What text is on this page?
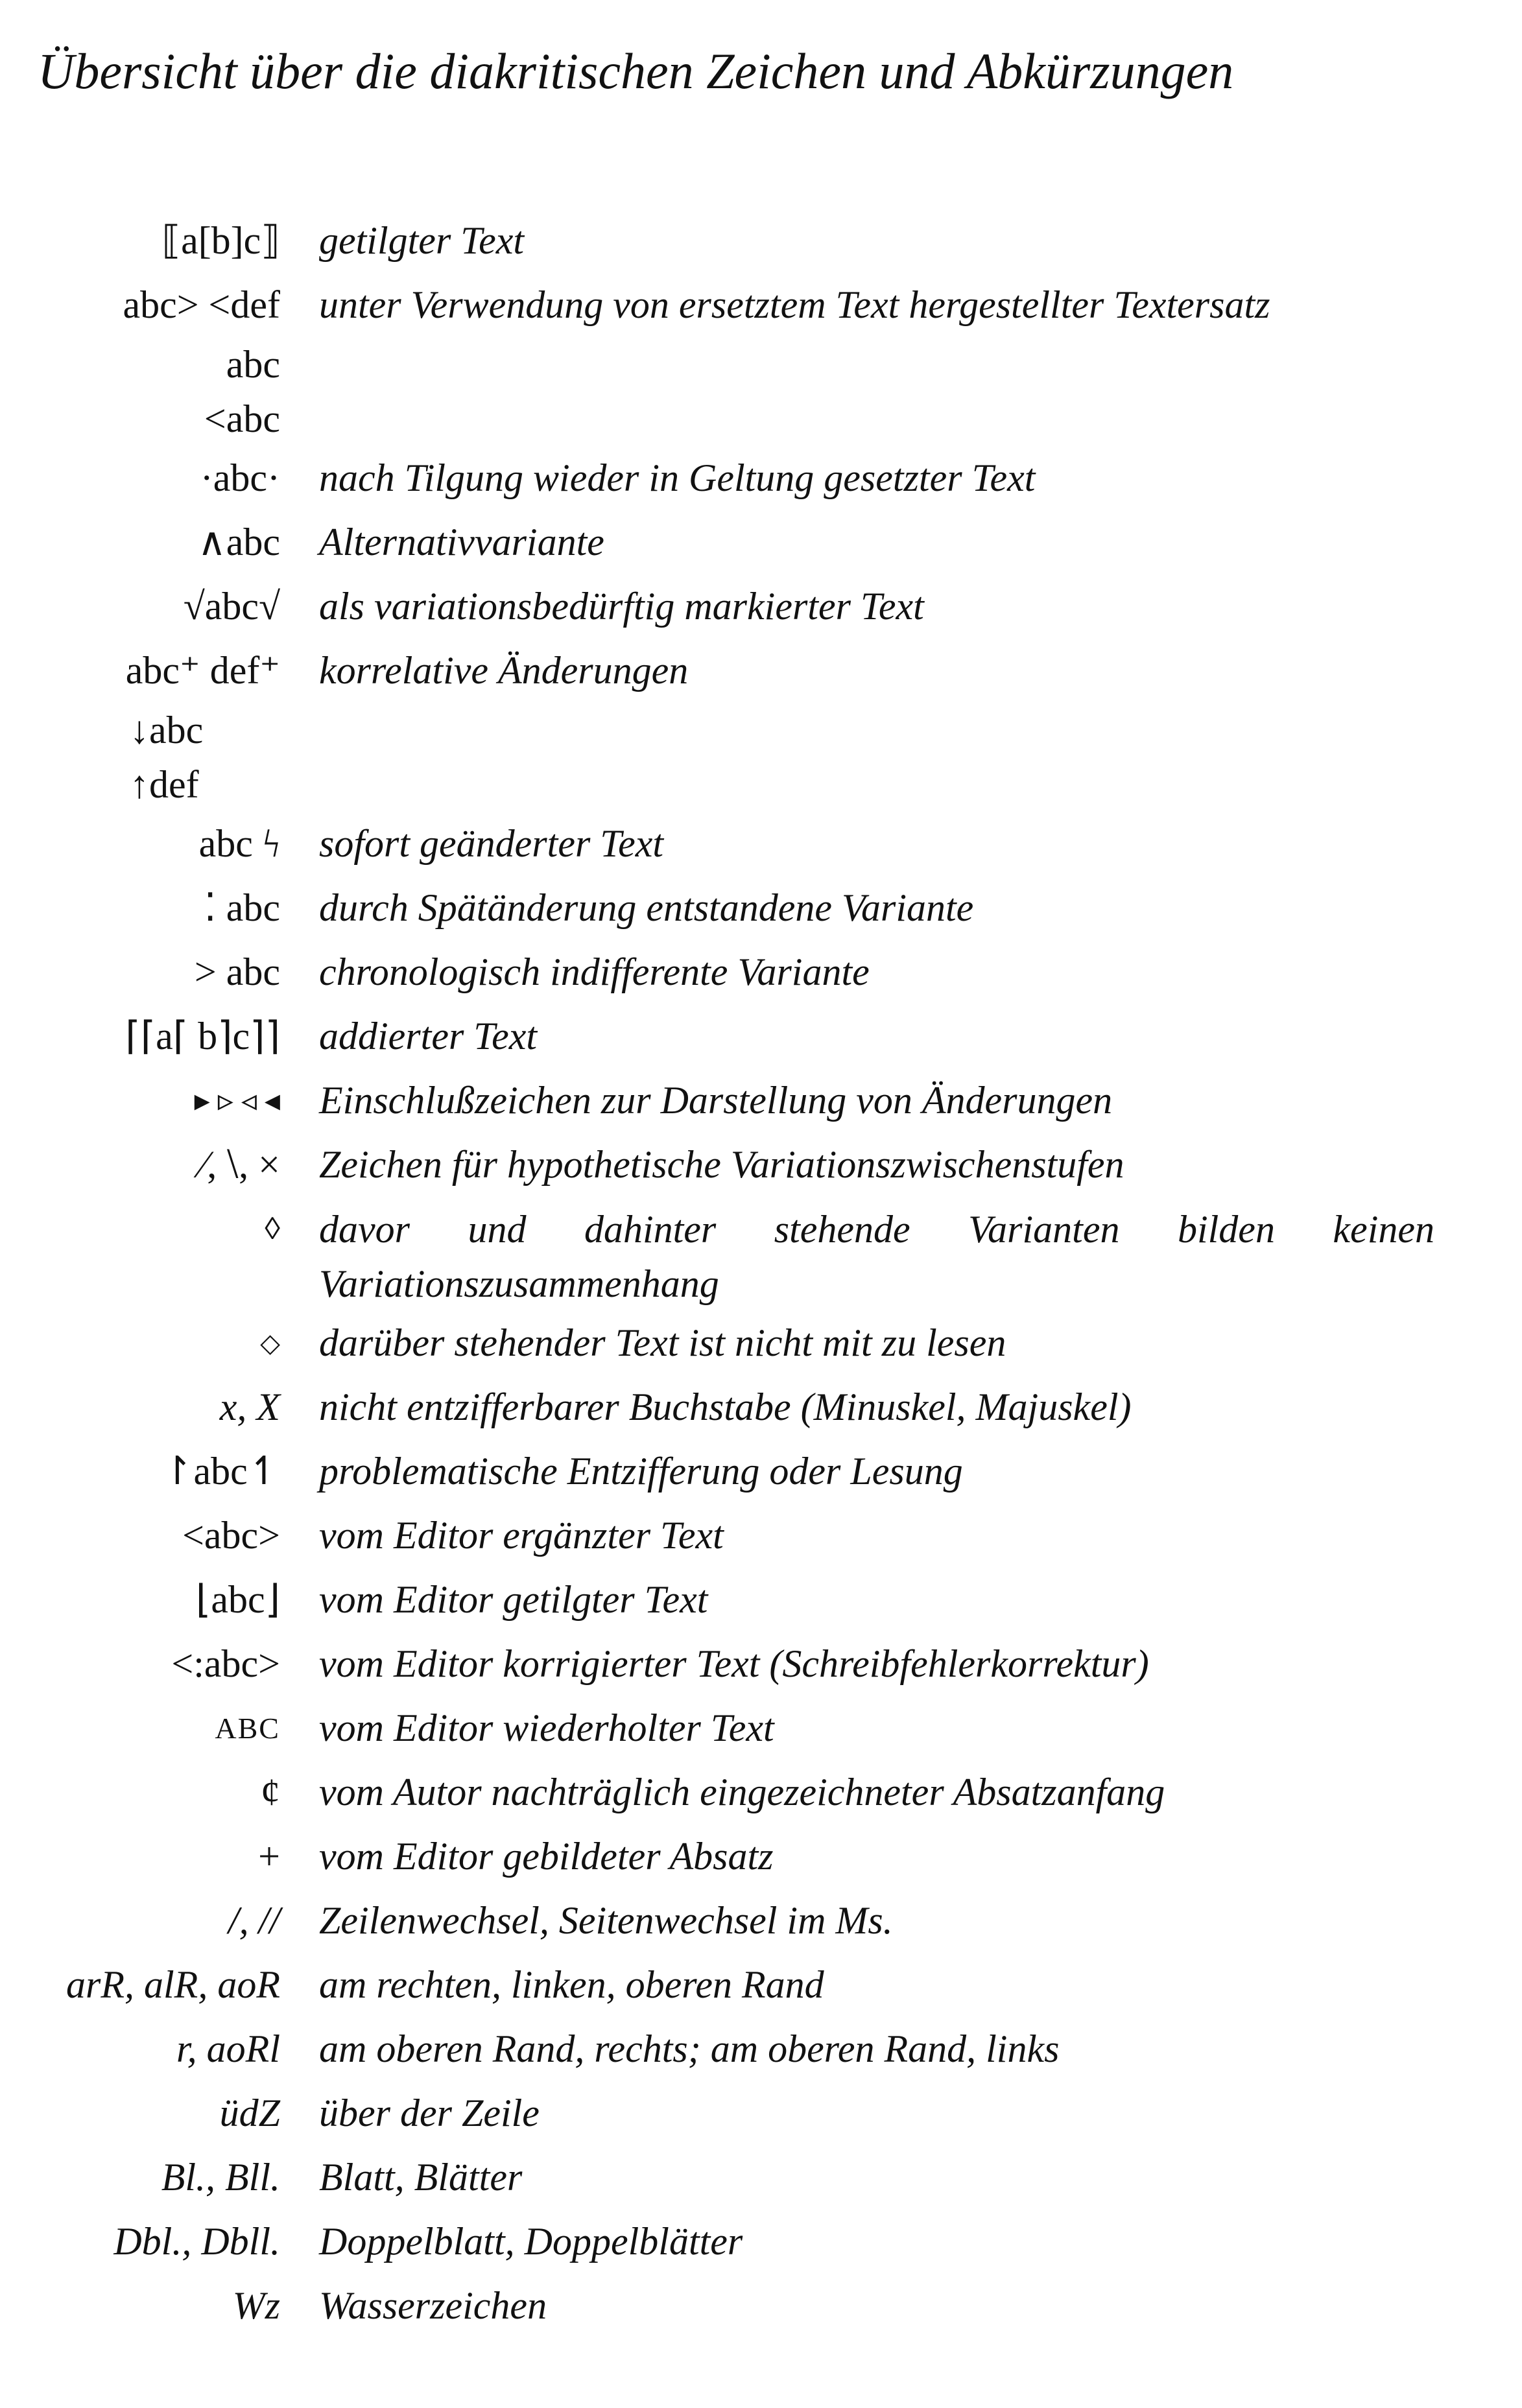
Übersicht über die diakritischen Zeichen und Abkürzungen
⟦a[b]c⟧ getilgter Text
abc˃ ˂def unter Verwendung von ersetztem Text hergestellter Textersatz
abc
˂abc
·abc· nach Tilgung wieder in Geltung gesetzter Text
∧abc Alternativvariante
√abc√ als variationsbedürftig markierter Text
abc⁺ def⁺ korrelative Änderungen
↓abc
↑def
abc ϟ sofort geänderter Text
⁚ abc durch Spätänderung entstandene Variante
> abc chronologisch indifferente Variante
⌈⌈a⌈ b⌉c⌉⌉ addierter Text
▸ ▹ ◃ ◂ Einschlußzeichen zur Darstellung von Änderungen
⁄, ⧵, × Zeichen für hypothetische Variationszwischenstufen
◊ davor und dahinter stehende Varianten bilden keinen Variationszusammenhang
◇ darüber stehender Text ist nicht mit zu lesen
x, X nicht entzifferbarer Buchstabe (Minuskel, Majuskel)
↾abc↿ problematische Entzifferung oder Lesung
<abc> vom Editor ergänzter Text
⌊abc⌋ vom Editor getilgter Text
<:abc> vom Editor korrigierter Text (Schreibfehlerkorrektur)
ABC vom Editor wiederholter Text
¢ vom Autor nachträglich eingezeichneter Absatzanfang
+ vom Editor gebildeter Absatz
/, // Zeilenwechsel, Seitenwechsel im Ms.
arR, alR, aoR am rechten, linken, oberen Rand
r, aoRl am oberen Rand, rechts; am oberen Rand, links
üdZ über der Zeile
Bl., Bll. Blatt, Blätter
Dbl., Dbll. Doppelblatt, Doppelblätter
Wz Wasserzeichen
